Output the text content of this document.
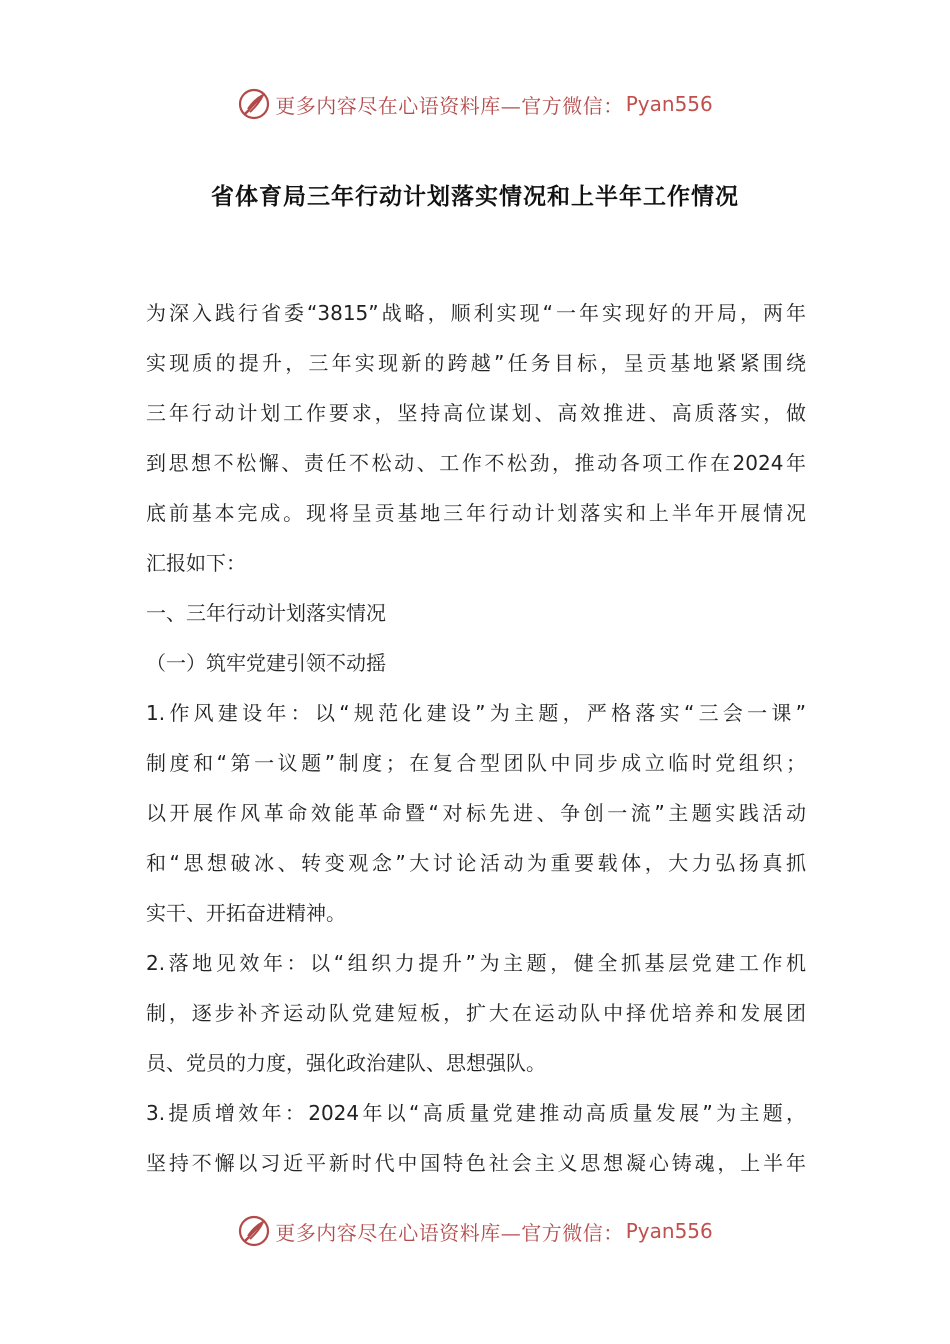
更多内容尽在心语资料库—官方微信： Pyan556
省体育局三年行动计划落实情况和上半年工作情况
为深入践行省委“3815”战略，顺利实现“一年实现好的开局，两年
实现质的提升，三年实现新的跨越”任务目标，呈贡基地紧紧围绕
三年行动计划工作要求，坚持高位谋划、高效推进、高质落实，做
到思想不松懈、责任不松动、工作不松劲，推动各项工作在2024年
底前基本完成。现将呈贡基地三年行动计划落实和上半年开展情况
汇报如下：
一、三年行动计划落实情况
（一）筑牢党建引领不动摇
1.作风建设年：以“规范化建设”为主题，严格落实“三会一课”
制度和“第一议题”制度；在复合型团队中同步成立临时党组织；
以开展作风革命效能革命暨“对标先进、争创一流”主题实践活动
和“思想破冰、转变观念”大讨论活动为重要载体，大力弘扬真抓
实干、开拓奋进精神。
2.落地见效年：以“组织力提升”为主题，健全抓基层党建工作机
制，逐步补齐运动队党建短板，扩大在运动队中择优培养和发展团
员、党员的力度，强化政治建队、思想强队。
3.提质增效年：2024年以“高质量党建推动高质量发展”为主题，
坚持不懈以习近平新时代中国特色社会主义思想凝心铸魂，上半年
更多内容尽在心语资料库—官方微信： Pyan556
